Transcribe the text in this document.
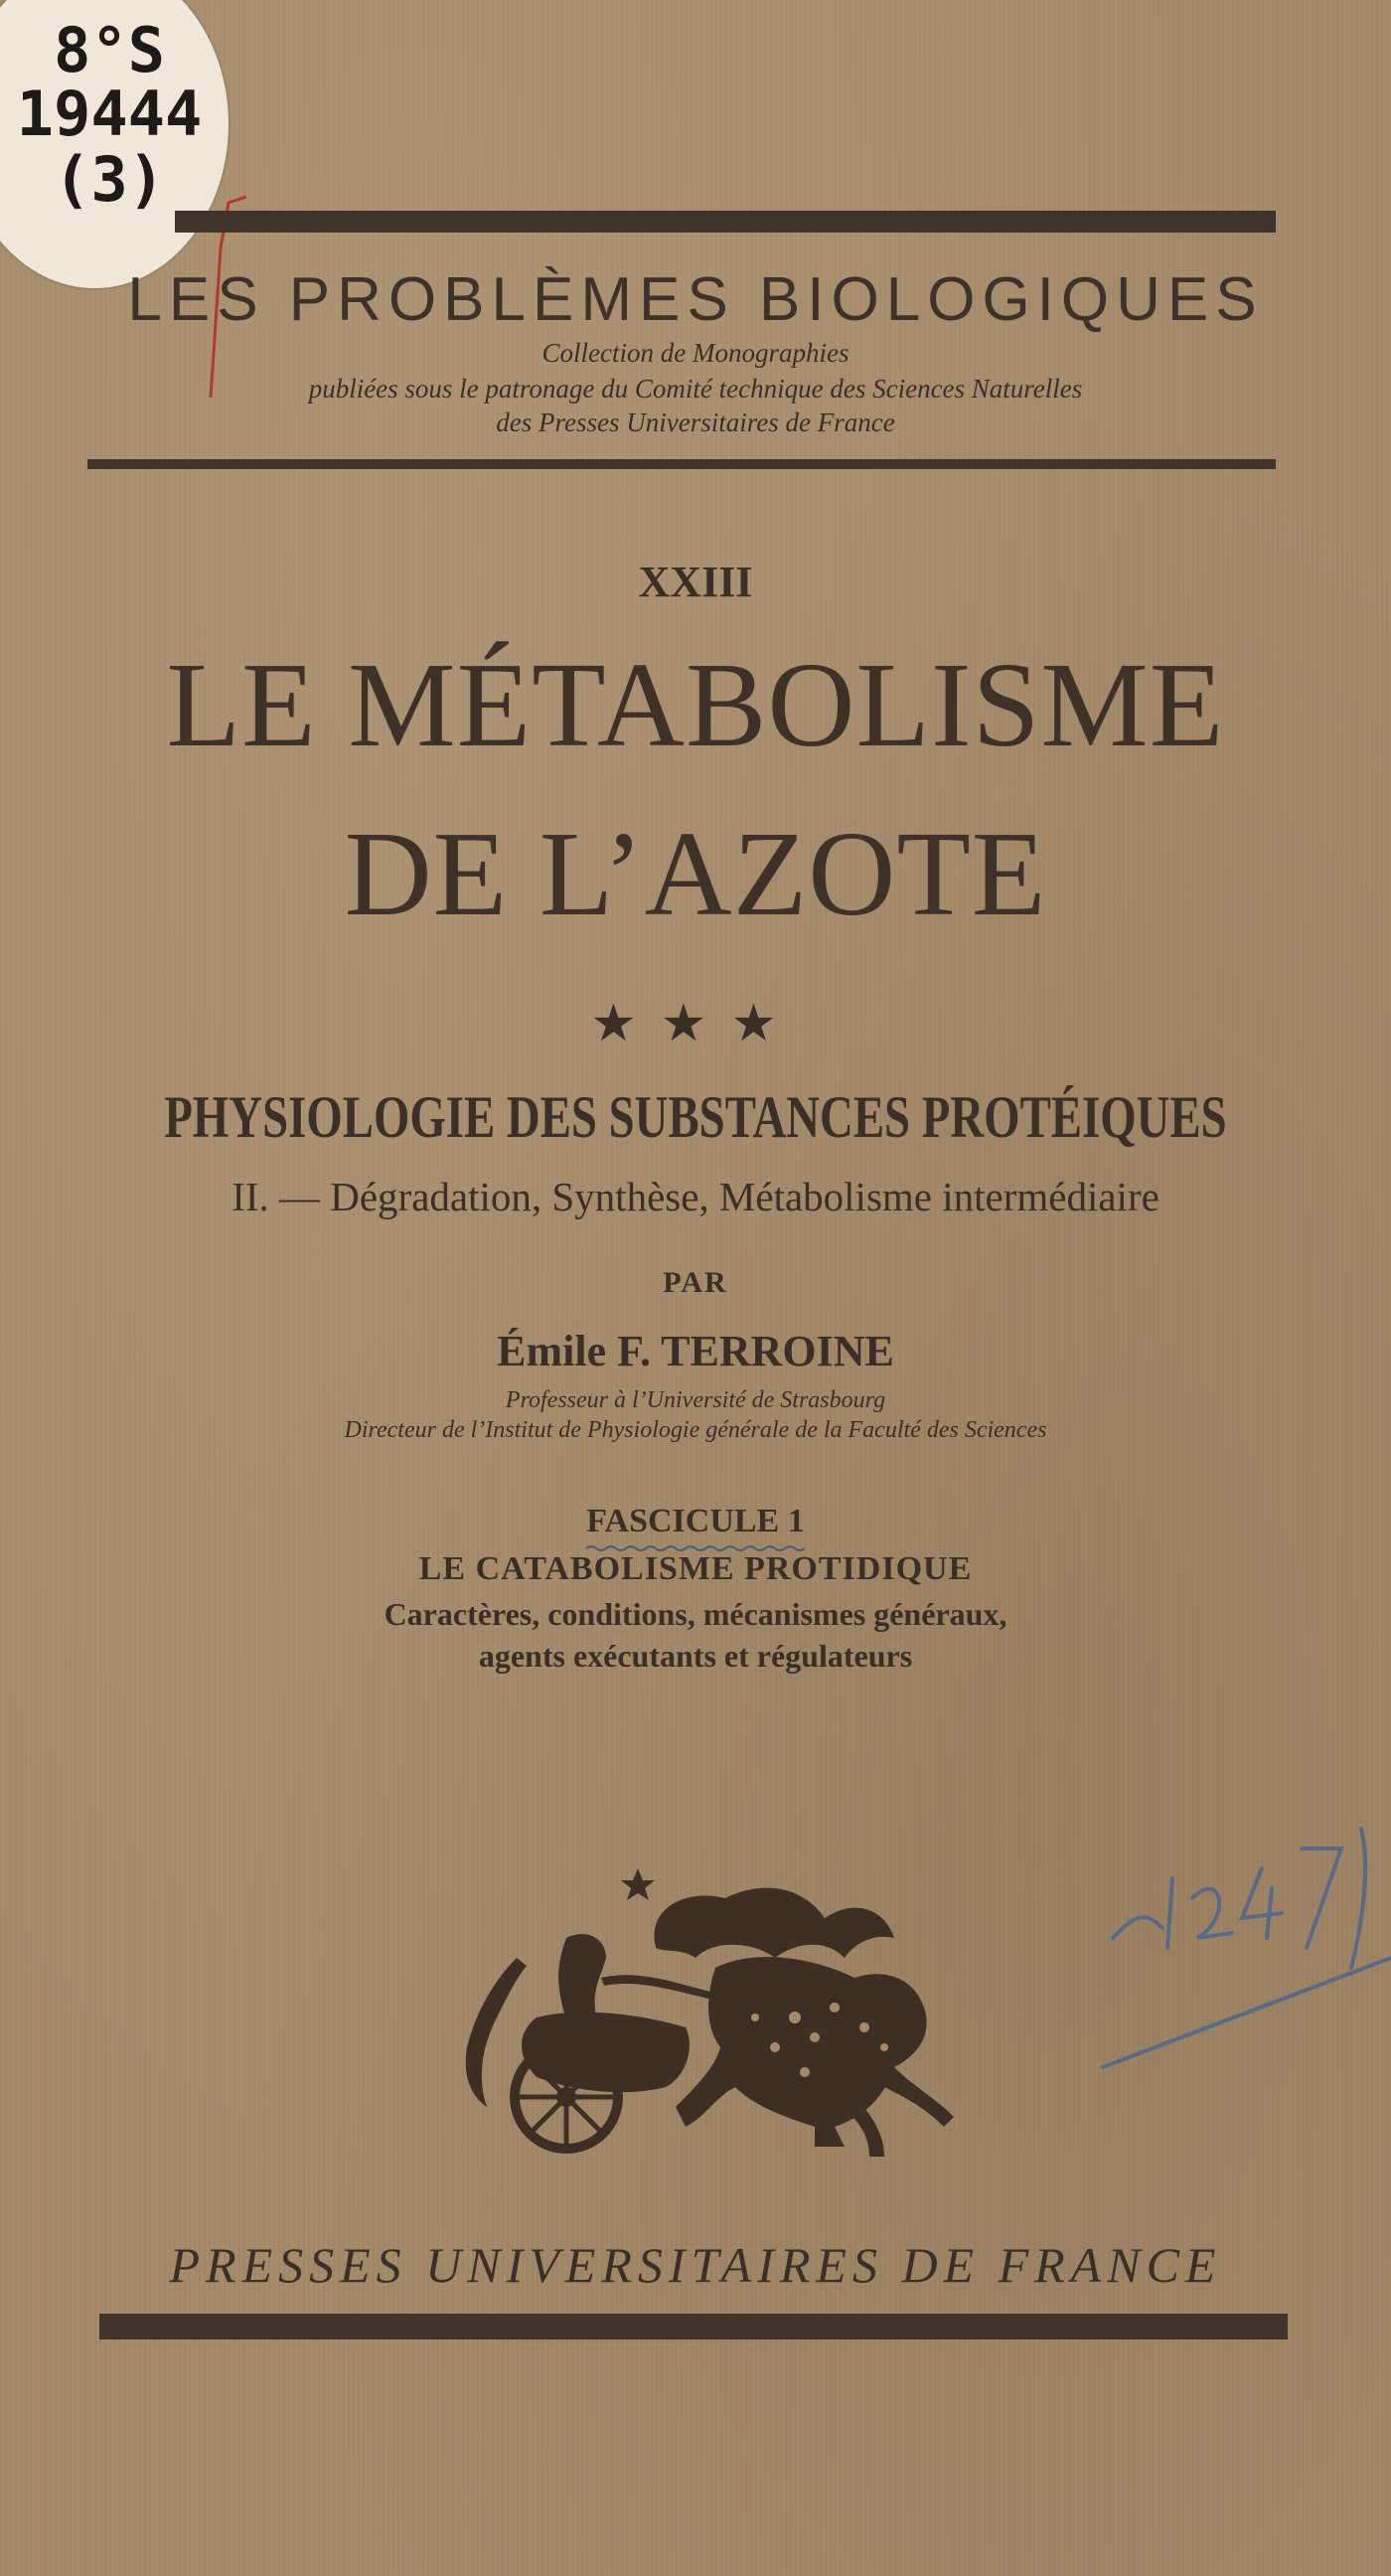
8°S
19444
(3)
LES PROBLÈMES BIOLOGIQUES
Collection de Monographies
publiées sous le patronage du Comité technique des Sciences Naturelles
des Presses Universitaires de France
XXIII
LE MÉTABOLISME
DE L’AZOTE
★★★
PHYSIOLOGIE DES SUBSTANCES PROTÉIQUES
II. — Dégradation, Synthèse, Métabolisme intermédiaire
PAR
Émile F. TERROINE
Professeur à l’Université de Strasbourg
Directeur de l’Institut de Physiologie générale de la Faculté des Sciences
FASCICULE 1
LE CATABOLISME PROTIDIQUE
Caractères, conditions, mécanismes généraux,
agents exécutants et régulateurs
PRESSES UNIVERSITAIRES DE FRANCE
